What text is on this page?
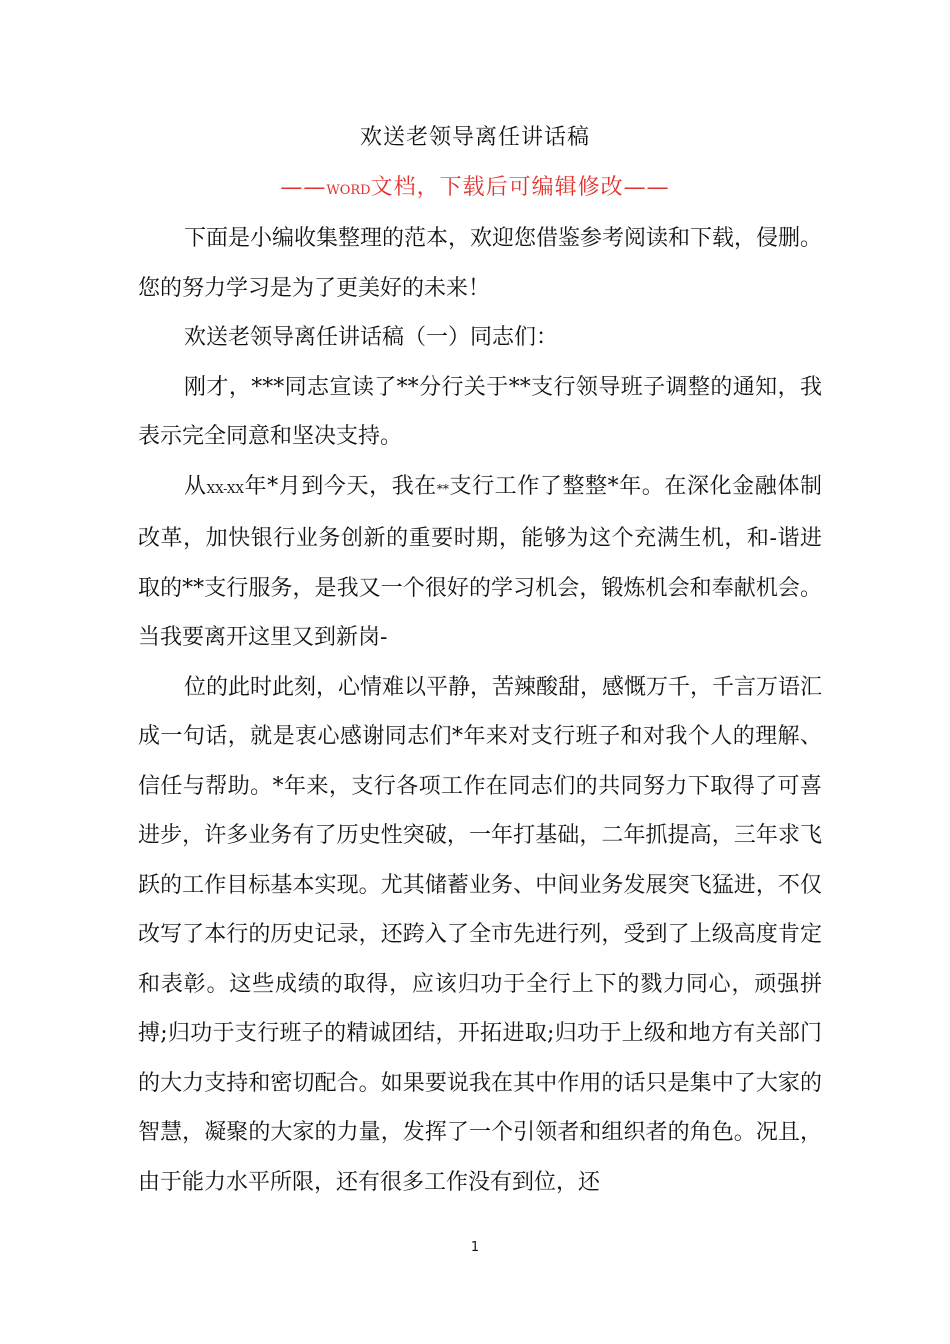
欢送老领导离任讲话稿
——WORD文档，下载后可编辑修改——

下面是小编收集整理的范本，欢迎您借鉴参考阅读和下载，侵删。您的努力学习是为了更美好的未来！

欢送老领导离任讲话稿（一）同志们：

刚才，***同志宣读了**分行关于**支行领导班子调整的通知，我表示完全同意和坚决支持。

从XX-XX年*月到今天，我在**支行工作了整整*年。在深化金融体制改革，加快银行业务创新的重要时期，能够为这个充满生机，和-谐进取的**支行服务，是我又一个很好的学习机会，锻炼机会和奉献机会。当我要离开这里又到新岗-

位的此时此刻，心情难以平静，苦辣酸甜，感慨万千，千言万语汇成一句话，就是衷心感谢同志们*年来对支行班子和对我个人的理解、信任与帮助。*年来，支行各项工作在同志们的共同努力下取得了可喜进步，许多业务有了历史性突破，一年打基础，二年抓提高，三年求飞跃的工作目标基本实现。尤其储蓄业务、中间业务发展突飞猛进，不仅改写了本行的历史记录，还跨入了全市先进行列，受到了上级高度肯定和表彰。这些成绩的取得，应该归功于全行上下的戮力同心，顽强拼搏;归功于支行班子的精诚团结，开拓进取;归功于上级和地方有关部门的大力支持和密切配合。如果要说我在其中作用的话只是集中了大家的智慧，凝聚的大家的力量，发挥了一个引领者和组织者的角色。况且，由于能力水平所限，还有很多工作没有到位，还

1
